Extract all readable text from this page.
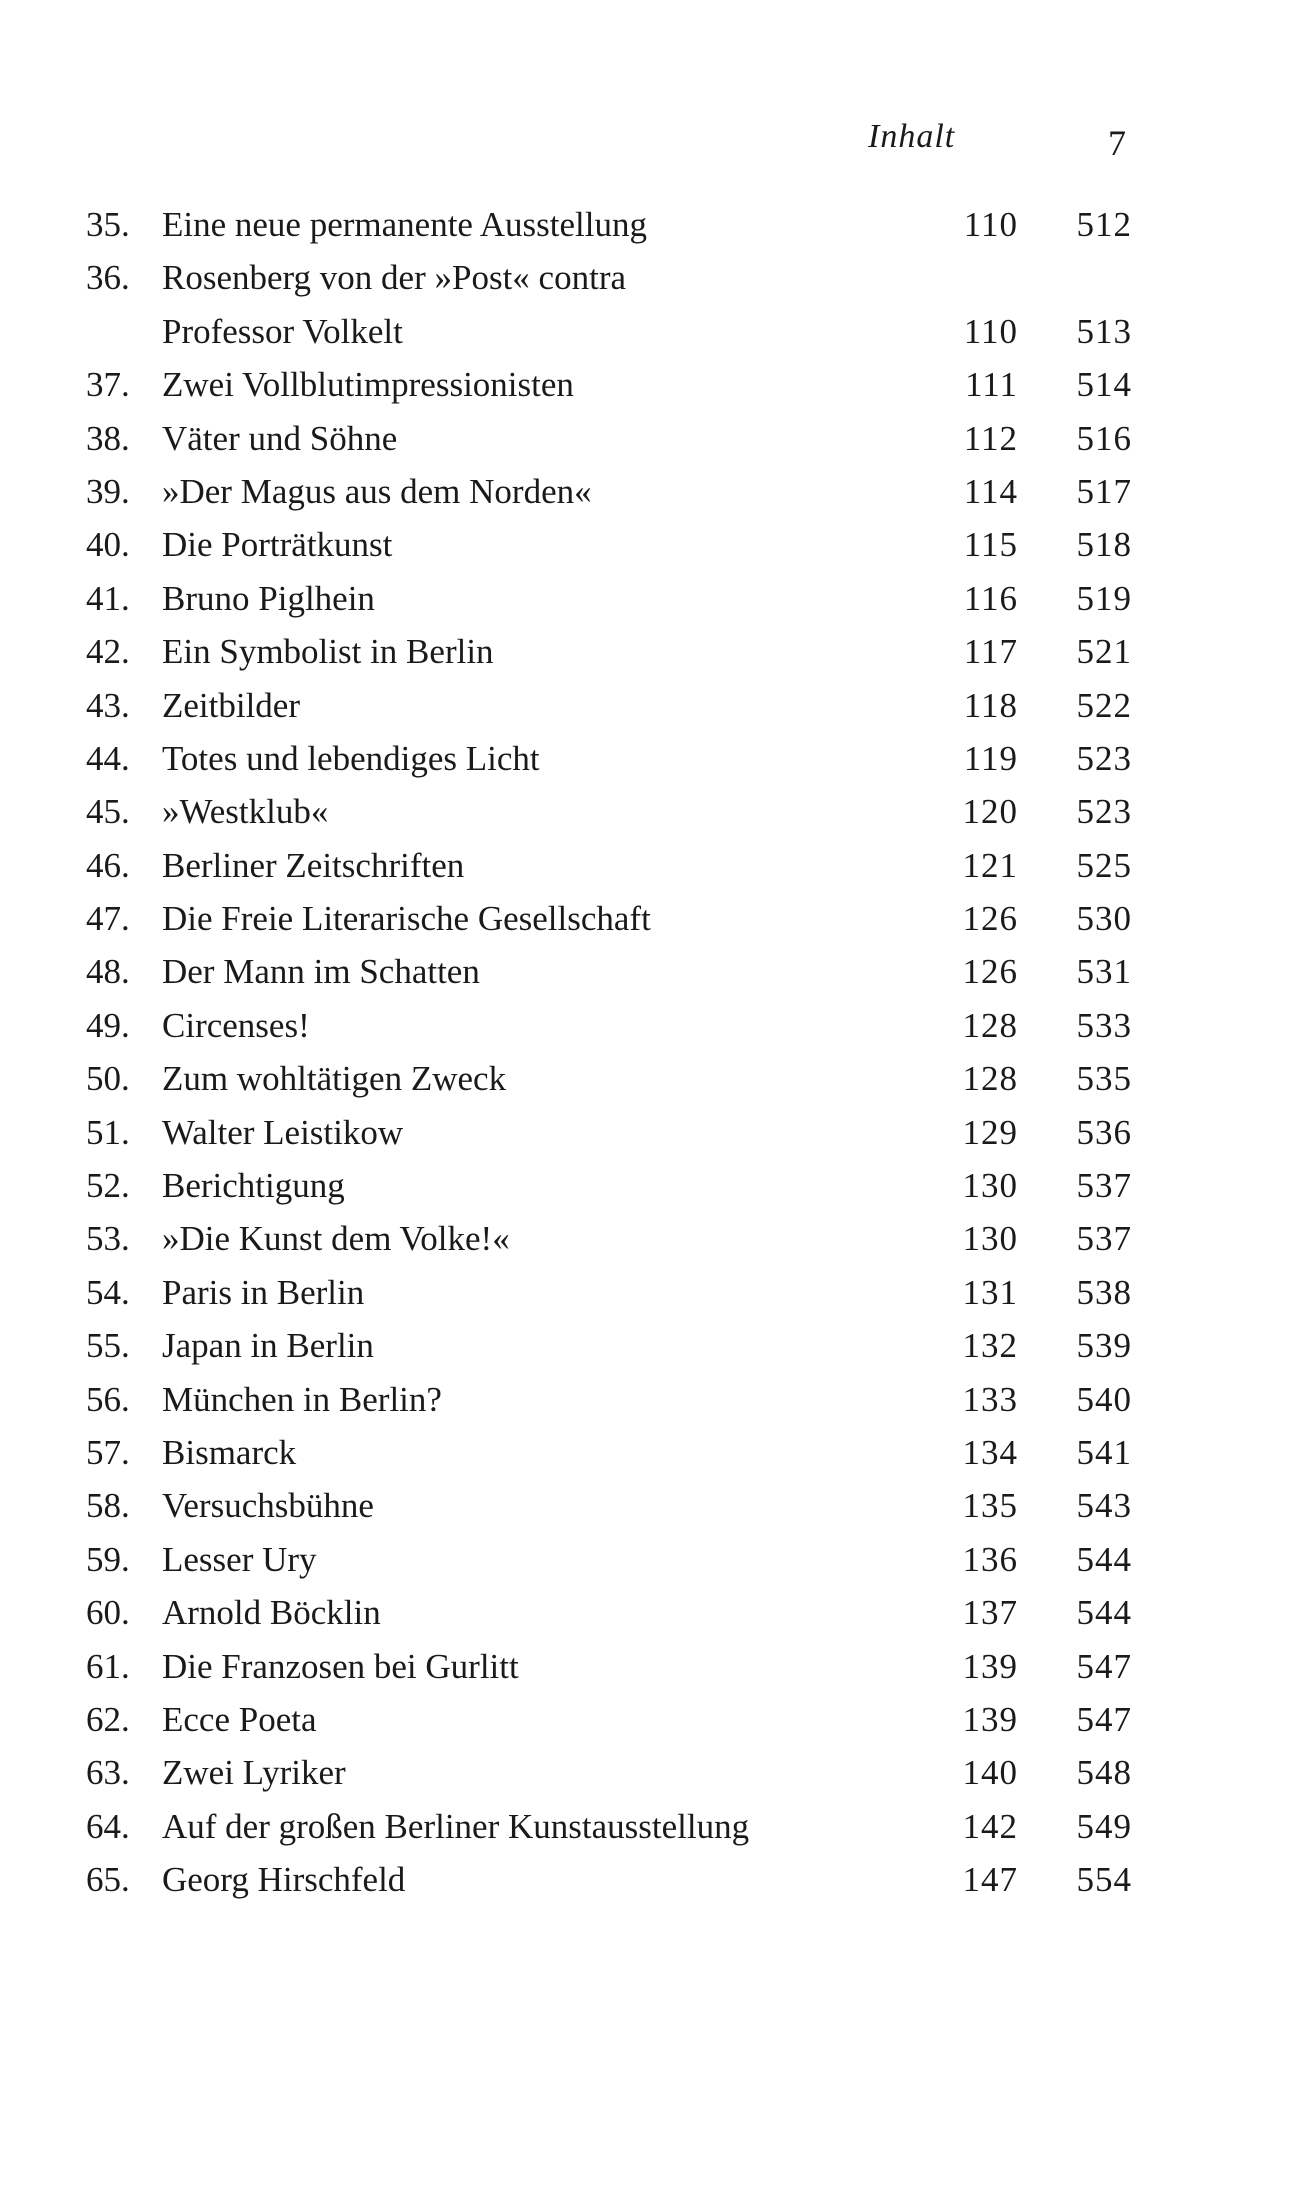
Inhalt	7
35. Eine neue permanente Ausstellung	110 512
36. Rosenberg von der »Post« contra
Professor Volkelt	110 513
37. Zwei Vollblutimpressionisten	111 514
38. Väter und Söhne	112 516
39. »Der Magus aus dem Norden«	114 517
40. Die Porträtkunst	115 518
41. Bruno Piglhein	116 519
42. Ein Symbolist in Berlin	117 521
43. Zeitbilder	118 522
44. Totes und lebendiges Licht	119 523
45. »Westklub«	120 523
46. Berliner Zeitschriften	121 525
47. Die Freie Literarische Gesellschaft	126 530
48. Der Mann im Schatten	126 531
49. Circenses!	128 533
50. Zum wohltätigen Zweck	128 535
51. Walter Leistikow	129 536
52. Berichtigung	130 537
53. »Die Kunst dem Volke!«	130 537
54. Paris in Berlin	131 538
55. Japan in Berlin	132 539
56. München in Berlin?	133 540
57. Bismarck	134 541
58. Versuchsbühne	135 543
59. Lesser Ury	136 544
60. Arnold Böcklin	137 544
61. Die Franzosen bei Gurlitt	139 547
62. Ecce Poeta	139 547
63. Zwei Lyriker	140 548
64. Auf der großen Berliner Kunstausstellung	142 549
65. Georg Hirschfeld	147 554
